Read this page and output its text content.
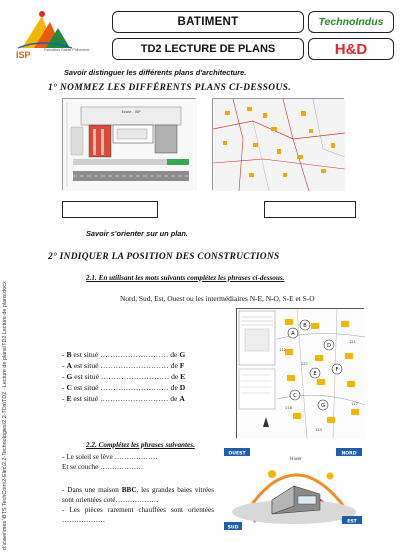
d:\cave\mes \BTS TechCom\2-Elec\2.2-Technologies\2.2-TDs\TD2 - Lecture de plans\TD2 Lecture de plans.docx
ISP	Formation Sainte Philomène
BATIMENT
TD2 LECTURE DE PLANS
TechnoIndus
H&D
Savoir distinguer les différents plans d'architecture.
1° NOMMEZ LES DIFFÉRENTS PLANS CI-DESSOUS.
Ecole - ISP
Savoir s'orienter sur un plan.
2° INDIQUER LA POSITION DES CONSTRUCTIONS
2.1. En utilisant les mots suivants complétez les phrases ci-dessous.
Nord, Sud, Est, Ouest ou les intermédiaires N-E, N-O, S-E et S-O
A
B
C
D
E
F
G
132
127
118
123
117
121
- B est situé ……………………… de G
- A est situé ……………………… de F
- G est situé ……………………… de E
- C est situé ……………………… de D
- E est situé ……………………… de A
2.2. Complétez les phrases suivantes.
- Le soleil se lève ………………
Et se couche ………………
- Dans une maison BBC, les grandes baies vitrées sont orientées coté………………
- Les pièces rarement chauffées sont orientées ………………
OUEST	NORD
EST
SUD
Hiver
